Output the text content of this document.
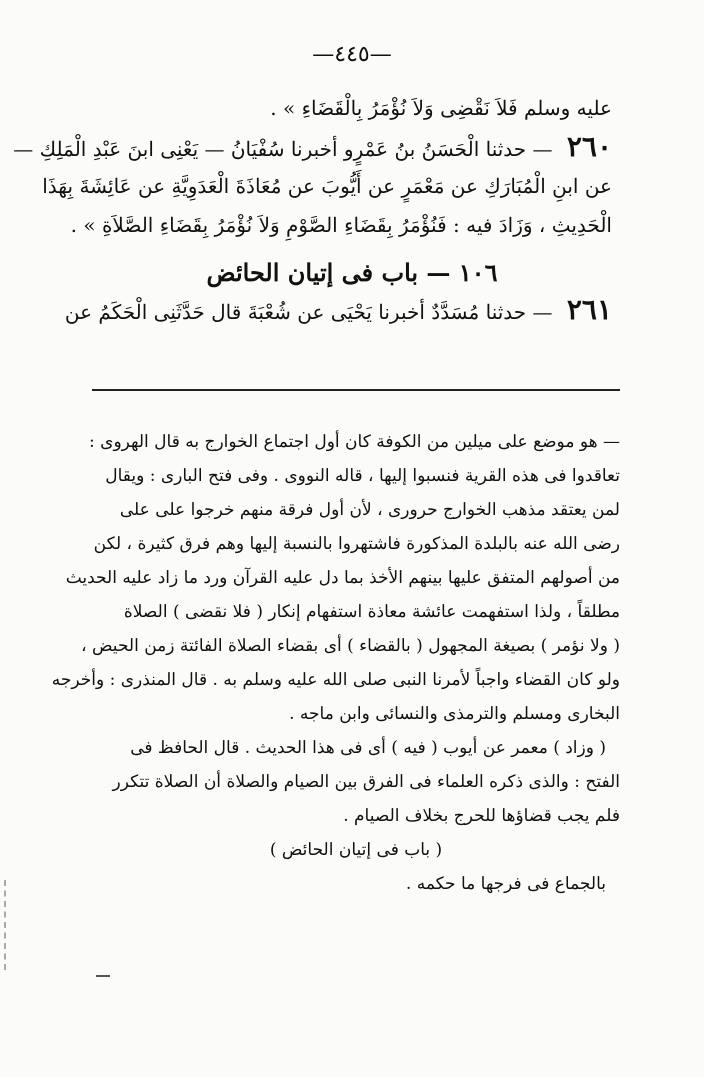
—٤٤٥—
عليه وسلم فَلاَ نَقْضِى وَلاَ نُؤْمَرُ بِالْقَضَاءِ » .
٢٦٠ — حدثنا الْحَسَنُ بنُ عَمْرٍو أخبرنا سُفْيَانُ — يَعْنِى ابنَ عَبْدِ الْمَلِكِ —
عن ابنِ الْمُبَارَكِ عن مَعْمَرٍ عن أَيُّوبَ عن مُعَاذَةَ الْعَدَوِيَّةِ عن عَائِشَةَ بِهَذَا
الْحَدِيثِ ، وَزَادَ فيه : فَنُؤْمَرُ بِقَضَاءِ الصَّوْمِ وَلاَ نُؤْمَرُ بِقَضَاءِ الصَّلاَةِ » .
١٠٦ — باب فى إتيان الحائض
٢٦١ — حدثنا مُسَدَّدٌ أخبرنا يَحْيَى عن شُعْبَةَ قال حَدَّثَنِى الْحَكَمُ عن
— هو موضع على ميلين من الكوفة كان أول اجتماع الخوارج به قال الهروى :
تعاقدوا فى هذه القرية فنسبوا إليها ، قاله النووى . وفى فتح البارى : ويقال
لمن يعتقد مذهب الخوارج حرورى ، لأن أول فرقة منهم خرجوا على على
رضى الله عنه بالبلدة المذكورة فاشتهروا بالنسبة إليها وهم فرق كثيرة ، لكن
من أصولهم المتفق عليها بينهم الأخذ بما دل عليه القرآن ورد ما زاد عليه الحديث
مطلقاً ، ولذا استفهمت عائشة معاذة استفهام إنكار ( فلا نقضى ) الصلاة
( ولا نؤمر ) بصيغة المجهول ( بالقضاء ) أى بقضاء الصلاة الفائتة زمن الحيض ،
ولو كان القضاء واجباً لأمرنا النبى صلى الله عليه وسلم به . قال المنذرى : وأخرجه
البخارى ومسلم والترمذى والنسائى وابن ماجه .
( وزاد ) معمر عن أيوب ( فيه ) أى فى هذا الحديث . قال الحافظ فى
الفتح : والذى ذكره العلماء فى الفرق بين الصيام والصلاة أن الصلاة تتكرر
فلم يجب قضاؤها للحرج بخلاف الصيام .
( باب فى إتيان الحائض )
بالجماع فى فرجها ما حكمه .
